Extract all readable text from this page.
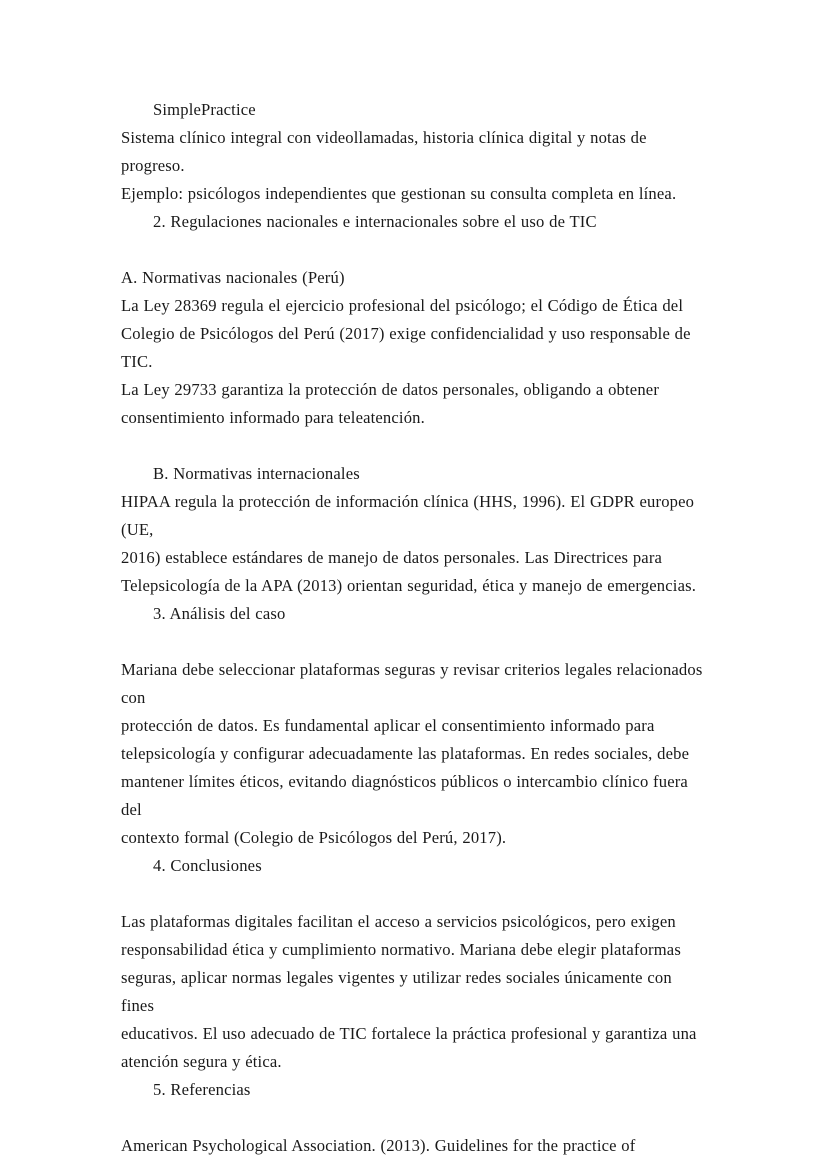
SimplePractice
Sistema clínico integral con videollamadas, historia clínica digital y notas de progreso.
Ejemplo: psicólogos independientes que gestionan su consulta completa en línea.
2. Regulaciones nacionales e internacionales sobre el uso de TIC
A. Normativas nacionales (Perú)
La Ley 28369 regula el ejercicio profesional del psicólogo; el Código de Ética del
Colegio de Psicólogos del Perú (2017) exige confidencialidad y uso responsable de TIC.
La Ley 29733 garantiza la protección de datos personales, obligando a obtener
consentimiento informado para teleatención.
B. Normativas internacionales
HIPAA regula la protección de información clínica (HHS, 1996). El GDPR europeo (UE,
2016) establece estándares de manejo de datos personales. Las Directrices para
Telepsicología de la APA (2013) orientan seguridad, ética y manejo de emergencias.
3. Análisis del caso
Mariana debe seleccionar plataformas seguras y revisar criterios legales relacionados con
protección de datos. Es fundamental aplicar el consentimiento informado para
telepsicología y configurar adecuadamente las plataformas. En redes sociales, debe
mantener límites éticos, evitando diagnósticos públicos o intercambio clínico fuera del
contexto formal (Colegio de Psicólogos del Perú, 2017).
4. Conclusiones
Las plataformas digitales facilitan el acceso a servicios psicológicos, pero exigen
responsabilidad ética y cumplimiento normativo. Mariana debe elegir plataformas
seguras, aplicar normas legales vigentes y utilizar redes sociales únicamente con fines
educativos. El uso adecuado de TIC fortalece la práctica profesional y garantiza una
atención segura y ética.
5. Referencias
American Psychological Association. (2013). Guidelines for the practice of
